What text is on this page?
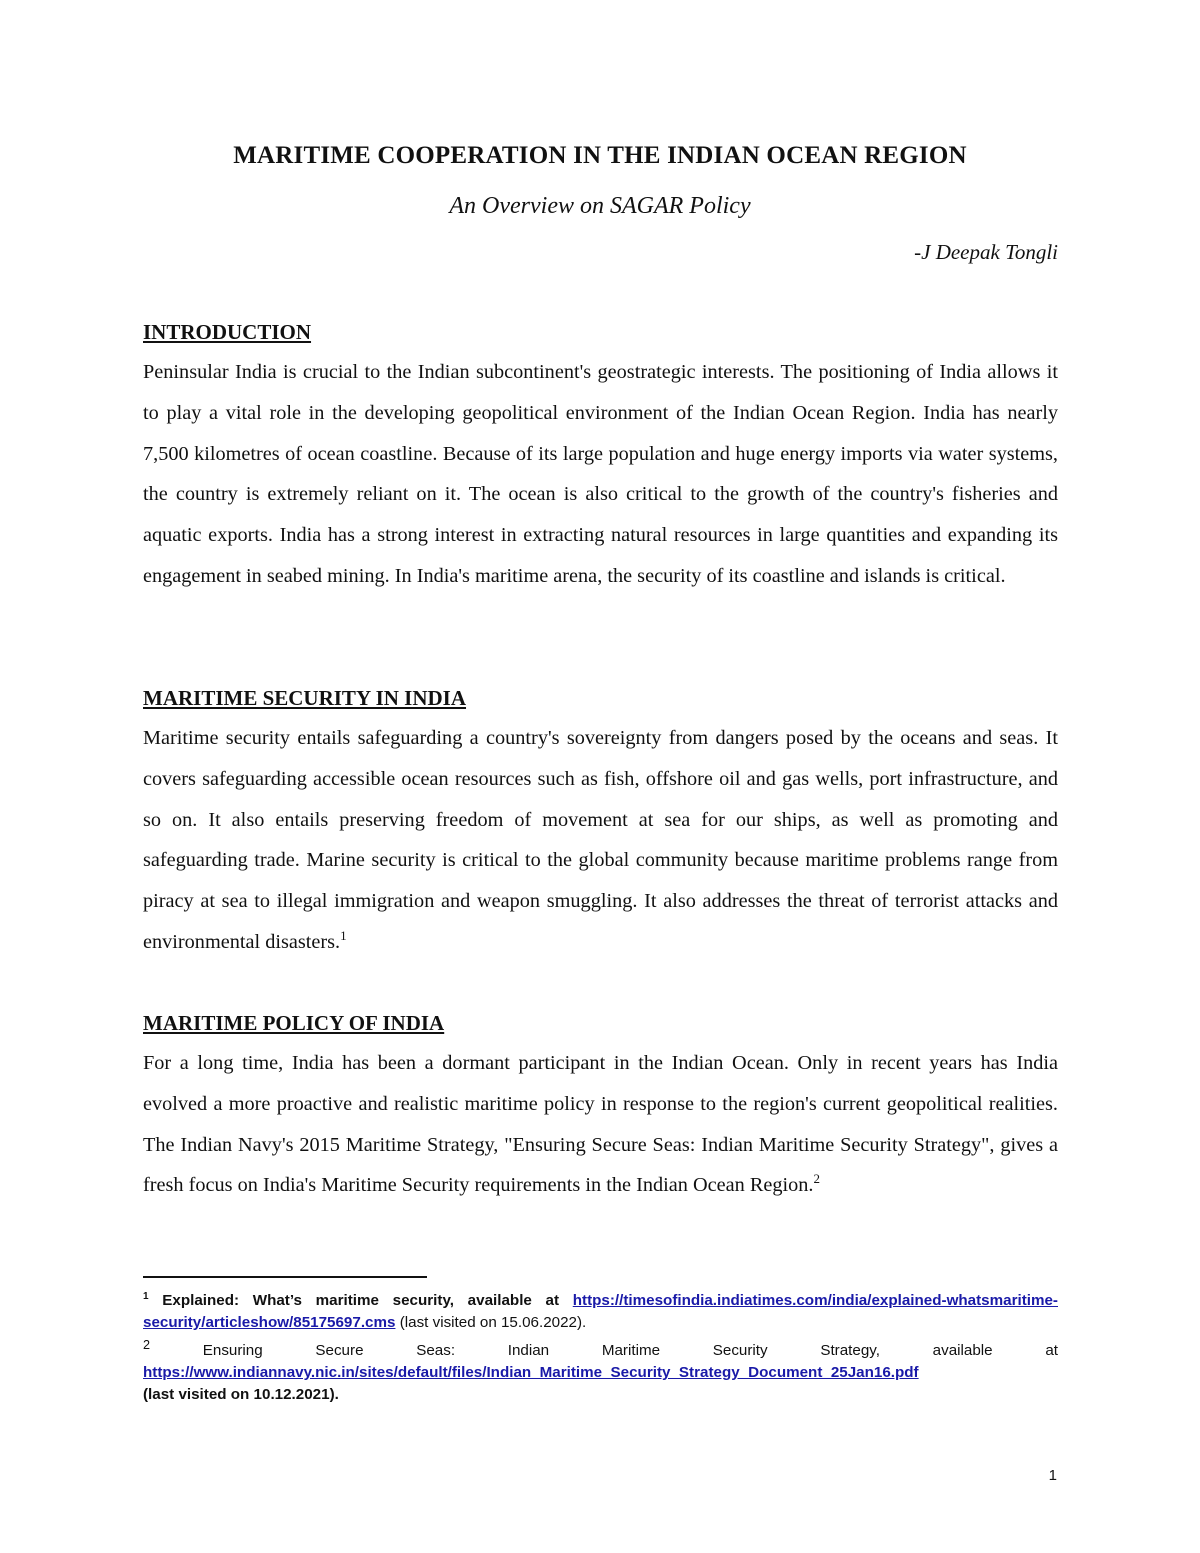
MARITIME COOPERATION IN THE INDIAN OCEAN REGION
An Overview on SAGAR Policy
-J Deepak Tongli
INTRODUCTION

Peninsular India is crucial to the Indian subcontinent's geostrategic interests. The positioning of India allows it to play a vital role in the developing geopolitical environment of the Indian Ocean Region. India has nearly 7,500 kilometres of ocean coastline. Because of its large population and huge energy imports via water systems, the country is extremely reliant on it. The ocean is also critical to the growth of the country's fisheries and aquatic exports. India has a strong interest in extracting natural resources in large quantities and expanding its engagement in seabed mining. In India's maritime arena, the security of its coastline and islands is critical.

MARITIME SECURITY IN INDIA

Maritime security entails safeguarding a country's sovereignty from dangers posed by the oceans and seas. It covers safeguarding accessible ocean resources such as fish, offshore oil and gas wells, port infrastructure, and so on. It also entails preserving freedom of movement at sea for our ships, as well as promoting and safeguarding trade. Marine security is critical to the global community because maritime problems range from piracy at sea to illegal immigration and weapon smuggling. It also addresses the threat of terrorist attacks and environmental disasters.$^1$

MARITIME POLICY OF INDIA

For a long time, India has been a dormant participant in the Indian Ocean. Only in recent years has India evolved a more proactive and realistic maritime policy in response to the region's current geopolitical realities. The Indian Navy's 2015 Maritime Strategy, "Ensuring Secure Seas: Indian Maritime Security Strategy", gives a fresh focus on India's Maritime Security requirements in the Indian Ocean Region.$^2$

$^1$ Explained: What’s maritime security, available at https://timesofindia.indiatimes.com/india/explained-whatsmaritime-security/articleshow/85175697.cms (last visited on 15.06.2022).

$^2$	Ensuring Secure Seas: Indian Maritime Security Strategy, available at

https://www.indiannavy.nic.in/sites/default/files/Indian_Maritime_Security_Strategy_Document_25Jan16.pdf
(last visited on 10.12.2021).

1
